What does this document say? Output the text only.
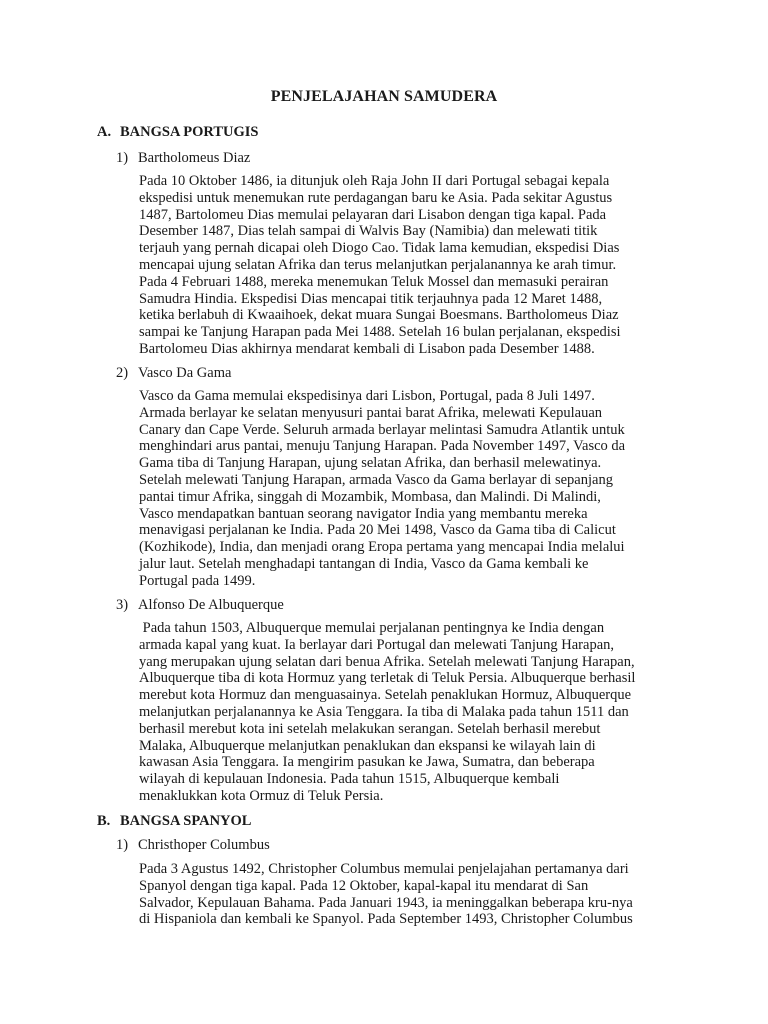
PENJELAJAHAN SAMUDERA
A. BANGSA PORTUGIS
1) Bartholomeus Diaz
Pada 10 Oktober 1486, ia ditunjuk oleh Raja John II dari Portugal sebagai kepala
ekspedisi untuk menemukan rute perdagangan baru ke Asia. Pada sekitar Agustus
1487, Bartolomeu Dias memulai pelayaran dari Lisabon dengan tiga kapal. Pada
Desember 1487, Dias telah sampai di Walvis Bay (Namibia) dan melewati titik
terjauh yang pernah dicapai oleh Diogo Cao. Tidak lama kemudian, ekspedisi Dias
mencapai ujung selatan Afrika dan terus melanjutkan perjalanannya ke arah timur.
Pada 4 Februari 1488, mereka menemukan Teluk Mossel dan memasuki perairan
Samudra Hindia. Ekspedisi Dias mencapai titik terjauhnya pada 12 Maret 1488,
ketika berlabuh di Kwaaihoek, dekat muara Sungai Boesmans. Bartholomeus Diaz
sampai ke Tanjung Harapan pada Mei 1488. Setelah 16 bulan perjalanan, ekspedisi
Bartolomeu Dias akhirnya mendarat kembali di Lisabon pada Desember 1488.
2) Vasco Da Gama
Vasco da Gama memulai ekspedisinya dari Lisbon, Portugal, pada 8 Juli 1497.
Armada berlayar ke selatan menyusuri pantai barat Afrika, melewati Kepulauan
Canary dan Cape Verde. Seluruh armada berlayar melintasi Samudra Atlantik untuk
menghindari arus pantai, menuju Tanjung Harapan. Pada November 1497, Vasco da
Gama tiba di Tanjung Harapan, ujung selatan Afrika, dan berhasil melewatinya.
Setelah melewati Tanjung Harapan, armada Vasco da Gama berlayar di sepanjang
pantai timur Afrika, singgah di Mozambik, Mombasa, dan Malindi. Di Malindi,
Vasco mendapatkan bantuan seorang navigator India yang membantu mereka
menavigasi perjalanan ke India. Pada 20 Mei 1498, Vasco da Gama tiba di Calicut
(Kozhikode), India, dan menjadi orang Eropa pertama yang mencapai India melalui
jalur laut. Setelah menghadapi tantangan di India, Vasco da Gama kembali ke
Portugal pada 1499.
3) Alfonso De Albuquerque
Pada tahun 1503, Albuquerque memulai perjalanan pentingnya ke India dengan
armada kapal yang kuat. Ia berlayar dari Portugal dan melewati Tanjung Harapan,
yang merupakan ujung selatan dari benua Afrika. Setelah melewati Tanjung Harapan,
Albuquerque tiba di kota Hormuz yang terletak di Teluk Persia. Albuquerque berhasil
merebut kota Hormuz dan menguasainya. Setelah penaklukan Hormuz, Albuquerque
melanjutkan perjalanannya ke Asia Tenggara. Ia tiba di Malaka pada tahun 1511 dan
berhasil merebut kota ini setelah melakukan serangan. Setelah berhasil merebut
Malaka, Albuquerque melanjutkan penaklukan dan ekspansi ke wilayah lain di
kawasan Asia Tenggara. Ia mengirim pasukan ke Jawa, Sumatra, dan beberapa
wilayah di kepulauan Indonesia. Pada tahun 1515, Albuquerque kembali
menaklukkan kota Ormuz di Teluk Persia.
B. BANGSA SPANYOL
1) Christhoper Columbus
Pada 3 Agustus 1492, Christopher Columbus memulai penjelajahan pertamanya dari
Spanyol dengan tiga kapal. Pada 12 Oktober, kapal-kapal itu mendarat di San
Salvador, Kepulauan Bahama. Pada Januari 1943, ia meninggalkan beberapa kru-nya
di Hispaniola dan kembali ke Spanyol. Pada September 1493, Christopher Columbus
